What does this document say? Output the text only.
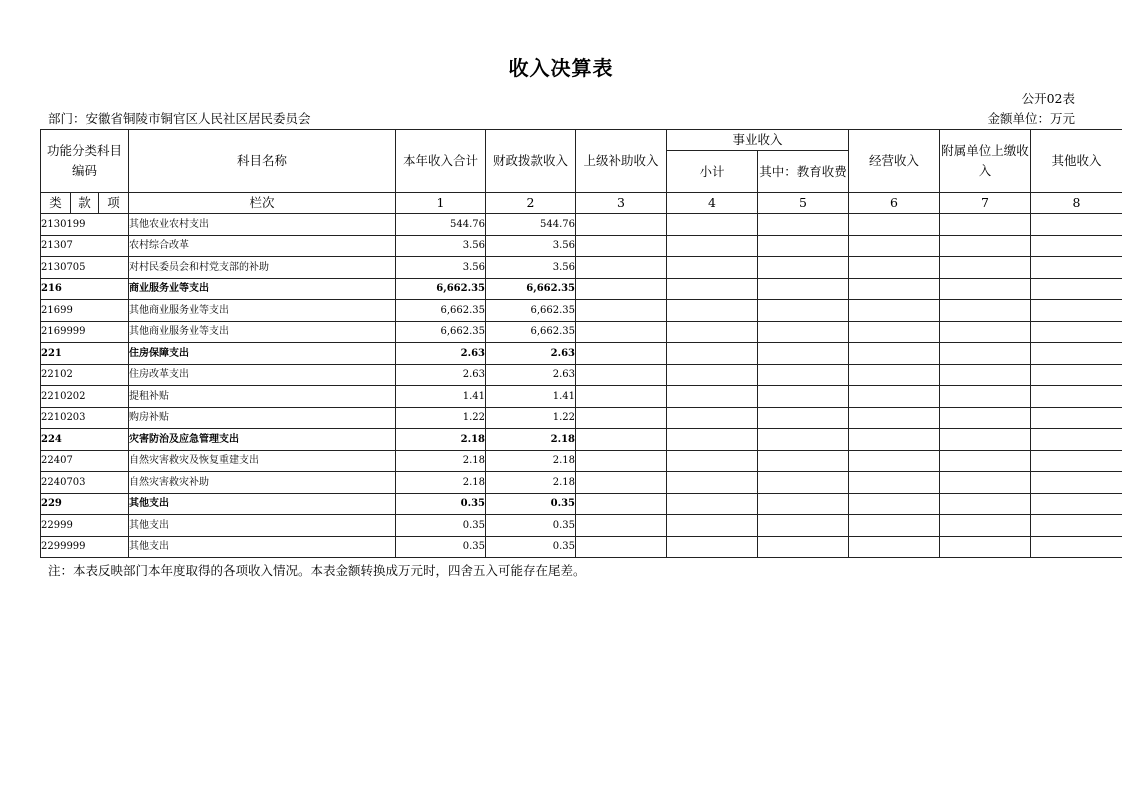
收入决算表
公开02表
部门：安徽省铜陵市铜官区人民社区居民委员会	金额单位：万元
功能分类科目编码			科目名称	本年收入合计	财政拨款收入	上级补助收入	事业收入		经营收入	附属单位上缴收入	其他收入
							小计	其中：教育收费			
类	款	项	栏次	1	2	3	4	5	6	7	8
2130199			其他农业农村支出	544.76	544.76						
21307			农村综合改革	3.56	3.56						
2130705			对村民委员会和村党支部的补助	3.56	3.56						
216			商业服务业等支出	6,662.35	6,662.35						
21699			其他商业服务业等支出	6,662.35	6,662.35						
2169999			其他商业服务业等支出	6,662.35	6,662.35						
221			住房保障支出	2.63	2.63						
22102			住房改革支出	2.63	2.63						
2210202			提租补贴	1.41	1.41						
2210203			购房补贴	1.22	1.22						
224			灾害防治及应急管理支出	2.18	2.18						
22407			自然灾害救灾及恢复重建支出	2.18	2.18						
2240703			自然灾害救灾补助	2.18	2.18						
229			其他支出	0.35	0.35						
22999			其他支出	0.35	0.35						
2299999			其他支出	0.35	0.35						
注：本表反映部门本年度取得的各项收入情况。本表金额转换成万元时，四舍五入可能存在尾差。
